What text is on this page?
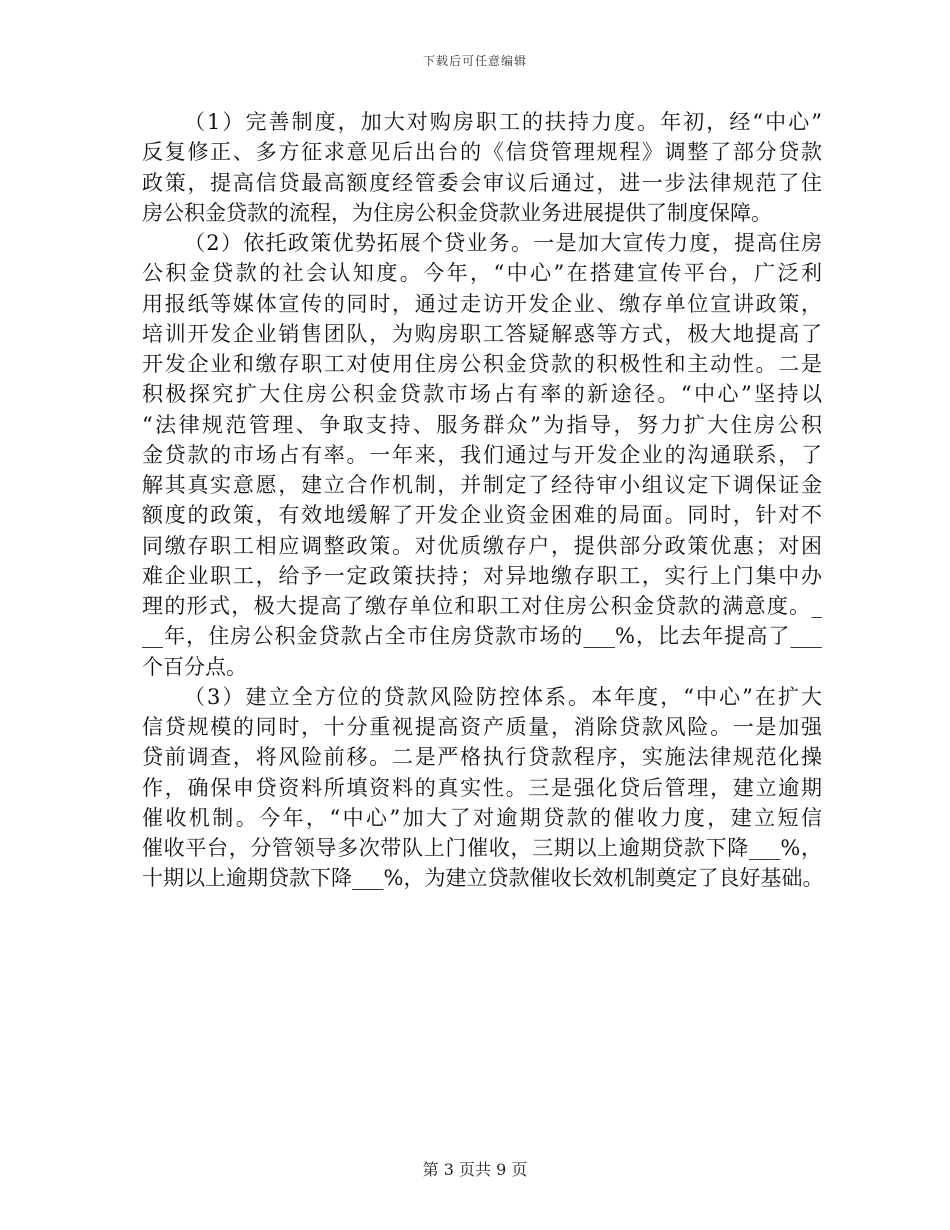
下载后可任意编辑
（1）完善制度，加大对购房职工的扶持力度。年初，经“中心”
反复修正、多方征求意见后出台的《信贷管理规程》调整了部分贷款
政策，提高信贷最高额度经管委会审议后通过，进一步法律规范了住
房公积金贷款的流程，为住房公积金贷款业务进展提供了制度保障。
（2）依托政策优势拓展个贷业务。一是加大宣传力度，提高住房
公积金贷款的社会认知度。今年，“中心”在搭建宣传平台，广泛利
用报纸等媒体宣传的同时，通过走访开发企业、缴存单位宣讲政策，
培训开发企业销售团队，为购房职工答疑解惑等方式，极大地提高了
开发企业和缴存职工对使用住房公积金贷款的积极性和主动性。二是
积极探究扩大住房公积金贷款市场占有率的新途径。“中心”坚持以
“法律规范管理、争取支持、服务群众”为指导，努力扩大住房公积
金贷款的市场占有率。一年来，我们通过与开发企业的沟通联系，了
解其真实意愿，建立合作机制，并制定了经待审小组议定下调保证金
额度的政策，有效地缓解了开发企业资金困难的局面。同时，针对不
同缴存职工相应调整政策。对优质缴存户，提供部分政策优惠；对困
难企业职工，给予一定政策扶持；对异地缴存职工，实行上门集中办
理的形式，极大提高了缴存单位和职工对住房公积金贷款的满意度。_
__年，住房公积金贷款占全市住房贷款市场的___%，比去年提高了___
个百分点。
（3）建立全方位的贷款风险防控体系。本年度，“中心”在扩大
信贷规模的同时，十分重视提高资产质量，消除贷款风险。一是加强
贷前调查，将风险前移。二是严格执行贷款程序，实施法律规范化操
作，确保申贷资料所填资料的真实性。三是强化贷后管理，建立逾期
催收机制。今年，“中心”加大了对逾期贷款的催收力度，建立短信
催收平台，分管领导多次带队上门催收，三期以上逾期贷款下降___%，
十期以上逾期贷款下降___%，为建立贷款催收长效机制奠定了良好基础。
第 3 页共 9 页
